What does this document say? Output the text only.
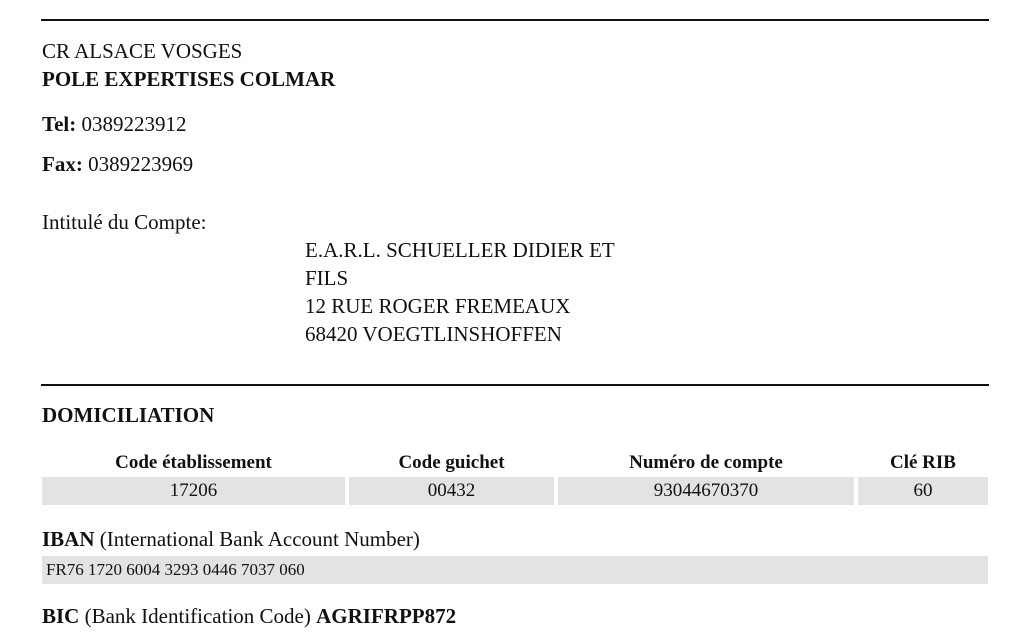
CR ALSACE VOSGES
POLE EXPERTISES COLMAR
Tel: 0389223912
Fax: 0389223969
Intitulé du Compte:
E.A.R.L. SCHUELLER DIDIER ET
FILS
12 RUE ROGER FREMEAUX
68420 VOEGTLINSHOFFEN
DOMICILIATION
Code établissement	Code guichet	Numéro de compte	Clé RIB
17206	00432	93044670370	60
IBAN (International Bank Account Number)
FR76 1720 6004 3293 0446 7037 060
BIC (Bank Identification Code) AGRIFRPP872
